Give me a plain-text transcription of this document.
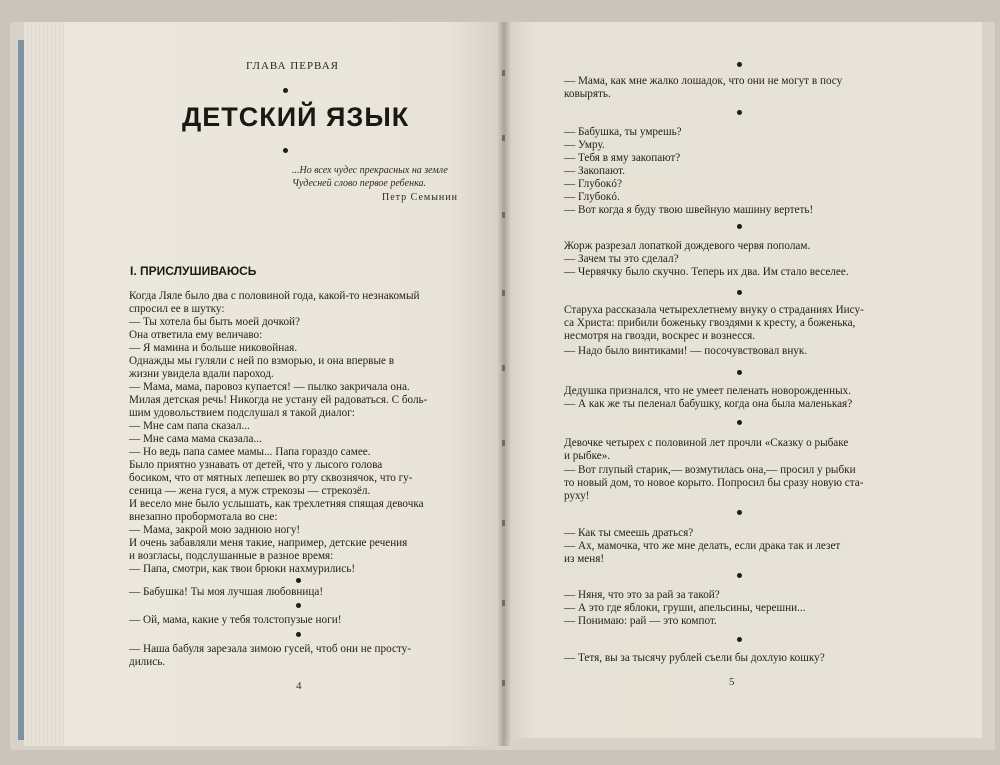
ГЛАВА ПЕРВАЯ
ДЕТСКИЙ ЯЗЫК
...Но всех чудес прекрасных на земле
Чудесней слово первое ребенка.
Петр Семынин
I. ПРИСЛУШИВАЮСЬ
Когда Ляле было два с половиной года, какой-то незнакомый
спросил ее в шутку:
— Ты хотела бы быть моей дочкой?
Она ответила ему величаво:
— Я мамина и больше никовойная.
Однажды мы гуляли с ней по взморью, и она впервые в
жизни увидела вдали пароход.
— Мама, мама, паровоз купается! — пылко закричала она.
Милая детская речь! Никогда не устану ей радоваться. С боль-
шим удовольствием подслушал я такой диалог:
— Мне сам папа сказал...
— Мне сама мама сказала...
— Но ведь папа самее мамы... Папа гораздо самее.
Было приятно узнавать от детей, что у лысого голова
босиком, что от мятных лепешек во рту сквознячок, что гу-
сеница — жена гуся, а муж стрекозы — стрекозёл.
И весело мне было услышать, как трехлетняя спящая девочка
внезапно пробормотала во сне:
— Мама, закрой мою заднюю ногу!
И очень забавляли меня такие, например, детские речения
и возгласы, подслушанные в разное время:
— Папа, смотри, как твои брюки нахмурились!
— Бабушка! Ты моя лучшая любовница!
— Ой, мама, какие у тебя толстопузые ноги!
— Наша бабуля зарезала зимою гусей, чтоб они не просту-
дились.
4
— Мама, как мне жалко лошадок, что они не могут в посу
ковырять.
— Бабушка, ты умрешь?
— Умру.
— Тебя в яму закопают?
— Закопают.
— Глубокó?
— Глубокó.
— Вот когда я буду твою швейную машину вертеть!
Жорж разрезал лопаткой дождевого червя пополам.
— Зачем ты это сделал?
— Червячку было скучно. Теперь их два. Им стало веселее.
Старуха рассказала четырехлетнему внуку о страданиях Иису-
са Христа: прибили боженьку гвоздями к кресту, а боженька,
несмотря на гвозди, воскрес и вознесся.
— Надо было винтиками! — посочувствовал внук.
Дедушка признался, что не умеет пеленать новорожденных.
— А как же ты пеленал бабушку, когда она была маленькая?
Девочке четырех с половиной лет прочли «Сказку о рыбаке
и рыбке».
— Вот глупый старик,— возмутилась она,— просил у рыбки
то новый дом, то новое корыто. Попросил бы сразу новую ста-
руху!
— Как ты смеешь драться?
— Ах, мамочка, что же мне делать, если драка так и лезет
из меня!
— Няня, что это за рай за такой?
— А это где яблоки, груши, апельсины, черешни...
— Понимаю: рай — это компот.
— Тетя, вы за тысячу рублей съели бы дохлую кошку?
5
